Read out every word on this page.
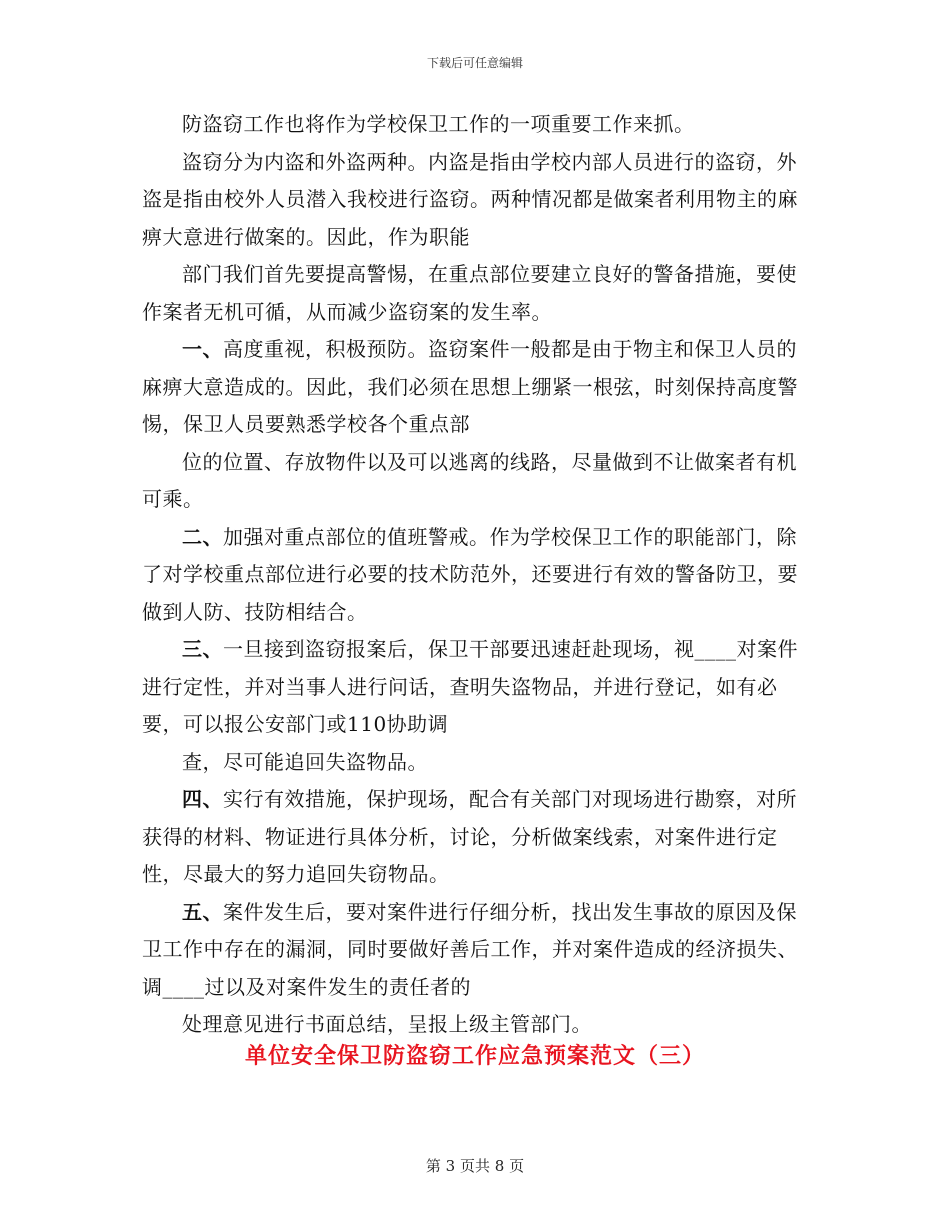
下载后可任意编辑

防盗窃工作也将作为学校保卫工作的一项重要工作来抓。

盗窃分为内盗和外盗两种。内盗是指由学校内部人员进行的盗窃，外盗是指由校外人员潜入我校进行盗窃。两种情况都是做案者利用物主的麻痹大意进行做案的。因此，作为职能

部门我们首先要提高警惕，在重点部位要建立良好的警备措施，要使作案者无机可循，从而减少盗窃案的发生率。

一、高度重视，积极预防。盗窃案件一般都是由于物主和保卫人员的麻痹大意造成的。因此，我们必须在思想上绷紧一根弦，时刻保持高度警惕，保卫人员要熟悉学校各个重点部

位的位置、存放物件以及可以逃离的线路，尽量做到不让做案者有机可乘。

二、加强对重点部位的值班警戒。作为学校保卫工作的职能部门，除了对学校重点部位进行必要的技术防范外，还要进行有效的警备防卫，要做到人防、技防相结合。

三、一旦接到盗窃报案后，保卫干部要迅速赶赴现场，视____对案件进行定性，并对当事人进行问话，查明失盗物品，并进行登记，如有必要，可以报公安部门或110协助调

查，尽可能追回失盗物品。

四、实行有效措施，保护现场，配合有关部门对现场进行勘察，对所获得的材料、物证进行具体分析，讨论，分析做案线索，对案件进行定性，尽最大的努力追回失窃物品。

五、案件发生后，要对案件进行仔细分析，找出发生事故的原因及保卫工作中存在的漏洞，同时要做好善后工作，并对案件造成的经济损失、调____过以及对案件发生的责任者的

处理意见进行书面总结，呈报上级主管部门。

单位安全保卫防盗窃工作应急预案范文（三）
第 3 页共 8 页
